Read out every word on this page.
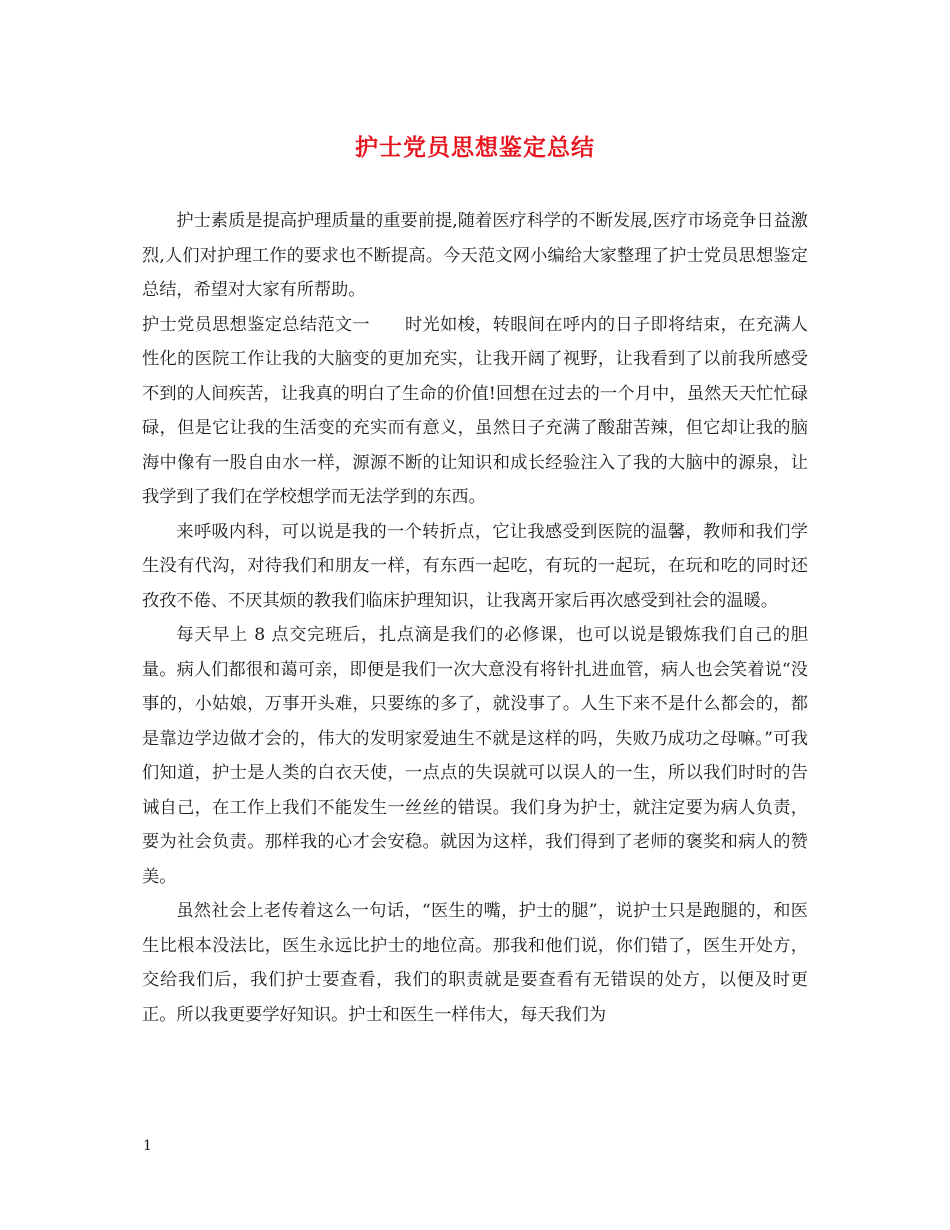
护士党员思想鉴定总结

护士素质是提高护理质量的重要前提,随着医疗科学的不断发展,医疗市场竞争日益激烈,人们对护理工作的要求也不断提高。今天范文网小编给大家整理了护士党员思想鉴定总结，希望对大家有所帮助。

护士党员思想鉴定总结范文一　　时光如梭，转眼间在呼内的日子即将结束，在充满人性化的医院工作让我的大脑变的更加充实，让我开阔了视野，让我看到了以前我所感受不到的人间疾苦，让我真的明白了生命的价值!回想在过去的一个月中，虽然天天忙忙碌碌，但是它让我的生活变的充实而有意义，虽然日子充满了酸甜苦辣，但它却让我的脑海中像有一股自由水一样，源源不断的让知识和成长经验注入了我的大脑中的源泉，让我学到了我们在学校想学而无法学到的东西。

来呼吸内科，可以说是我的一个转折点，它让我感受到医院的温馨，教师和我们学生没有代沟，对待我们和朋友一样，有东西一起吃，有玩的一起玩，在玩和吃的同时还孜孜不倦、不厌其烦的教我们临床护理知识，让我离开家后再次感受到社会的温暖。

每天早上 8 点交完班后，扎点滴是我们的必修课，也可以说是锻炼我们自己的胆量。病人们都很和蔼可亲，即便是我们一次大意没有将针扎进血管，病人也会笑着说“没事的，小姑娘，万事开头难，只要练的多了，就没事了。人生下来不是什么都会的，都是靠边学边做才会的，伟大的发明家爱迪生不就是这样的吗，失败乃成功之母嘛。”可我们知道，护士是人类的白衣天使，一点点的失误就可以误人的一生，所以我们时时的告诫自己，在工作上我们不能发生一丝丝的错误。我们身为护士，就注定要为病人负责，要为社会负责。那样我的心才会安稳。就因为这样，我们得到了老师的褒奖和病人的赞美。

虽然社会上老传着这么一句话，“医生的嘴，护士的腿”，说护士只是跑腿的，和医生比根本没法比，医生永远比护士的地位高。那我和他们说，你们错了，医生开处方，交给我们后，我们护士要查看，我们的职责就是要查看有无错误的处方，以便及时更正。所以我更要学好知识。护士和医生一样伟大，每天我们为

1
